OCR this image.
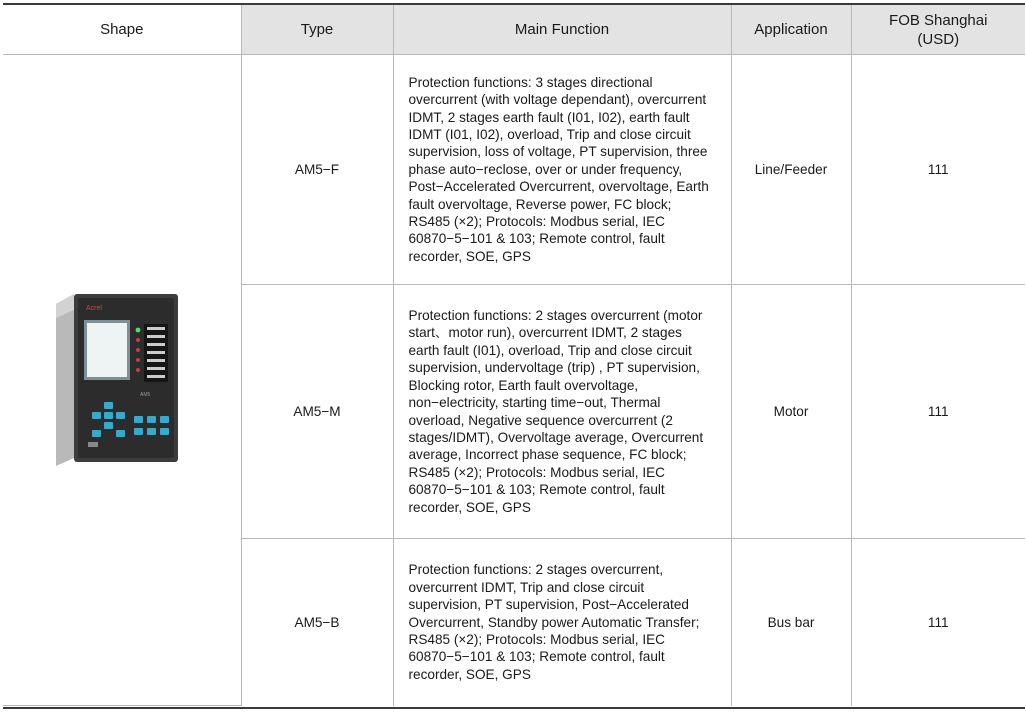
Shape	Type	Main Function	Application	FOB Shanghai
(USD)

Acrel
AM5	AM5−F	Protection functions: 3 stages directional overcurrent (with voltage dependant), overcurrent IDMT, 2 stages earth fault (I01, I02), earth fault IDMT (I01, I02), overload, Trip and close circuit supervision, loss of voltage, PT supervision, three phase auto−reclose, over or under frequency, Post−Accelerated Overcurrent, overvoltage, Earth fault overvoltage, Reverse power, FC block; RS485 (×2); Protocols: Modbus serial, IEC 60870−5−101 & 103; Remote control, fault recorder, SOE, GPS	Line/Feeder	111
	AM5−M	Protection functions: 2 stages overcurrent (motor start、motor run), overcurrent IDMT, 2 stages earth fault (I01), overload, Trip and close circuit supervision, undervoltage (trip) , PT supervision, Blocking rotor, Earth fault overvoltage, non−electricity, starting time−out, Thermal overload, Negative sequence overcurrent (2 stages/IDMT), Overvoltage average, Overcurrent average, Incorrect phase sequence, FC block; RS485 (×2); Protocols: Modbus serial, IEC 60870−5−101 & 103; Remote control, fault recorder, SOE, GPS	Motor	111
	AM5−B	Protection functions: 2 stages overcurrent, overcurrent IDMT, Trip and close circuit supervision, PT supervision, Post−Accelerated Overcurrent, Standby power Automatic Transfer; RS485 (×2); Protocols: Modbus serial, IEC 60870−5−101 & 103; Remote control, fault recorder, SOE, GPS	Bus bar	111
